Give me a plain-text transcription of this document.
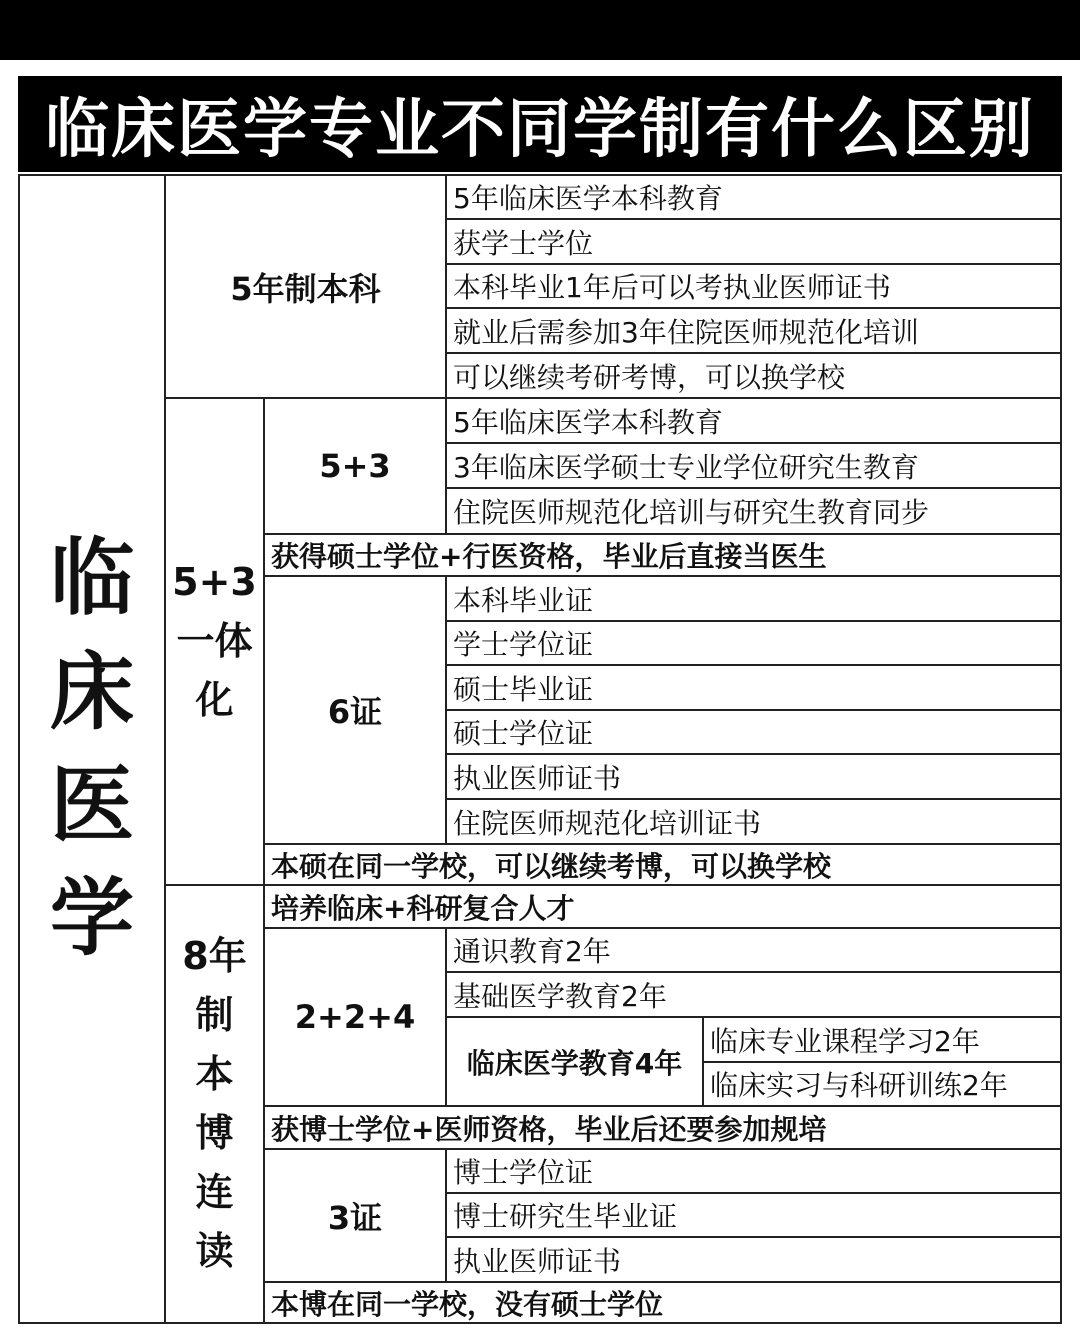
临床医学专业不同学制有什么区别
临
床
医
学
5年制本科
5年临床医学本科教育
获学士学位
本科毕业1年后可以考执业医师证书
就业后需参加3年住院医师规范化培训
可以继续考研考博，可以换学校
5+3
一体
化
5+3
5年临床医学本科教育
3年临床医学硕士专业学位研究生教育
住院医师规范化培训与研究生教育同步
获得硕士学位+行医资格，毕业后直接当医生
6证
本科毕业证
学士学位证
硕士毕业证
硕士学位证
执业医师证书
住院医师规范化培训证书
本硕在同一学校，可以继续考博，可以换学校
8年
制
本
博
连
读
培养临床+科研复合人才
2+2+4
通识教育2年
基础医学教育2年
临床医学教育4年
临床专业课程学习2年
临床实习与科研训练2年
获博士学位+医师资格，毕业后还要参加规培
3证
博士学位证
博士研究生毕业证
执业医师证书
本博在同一学校，没有硕士学位
